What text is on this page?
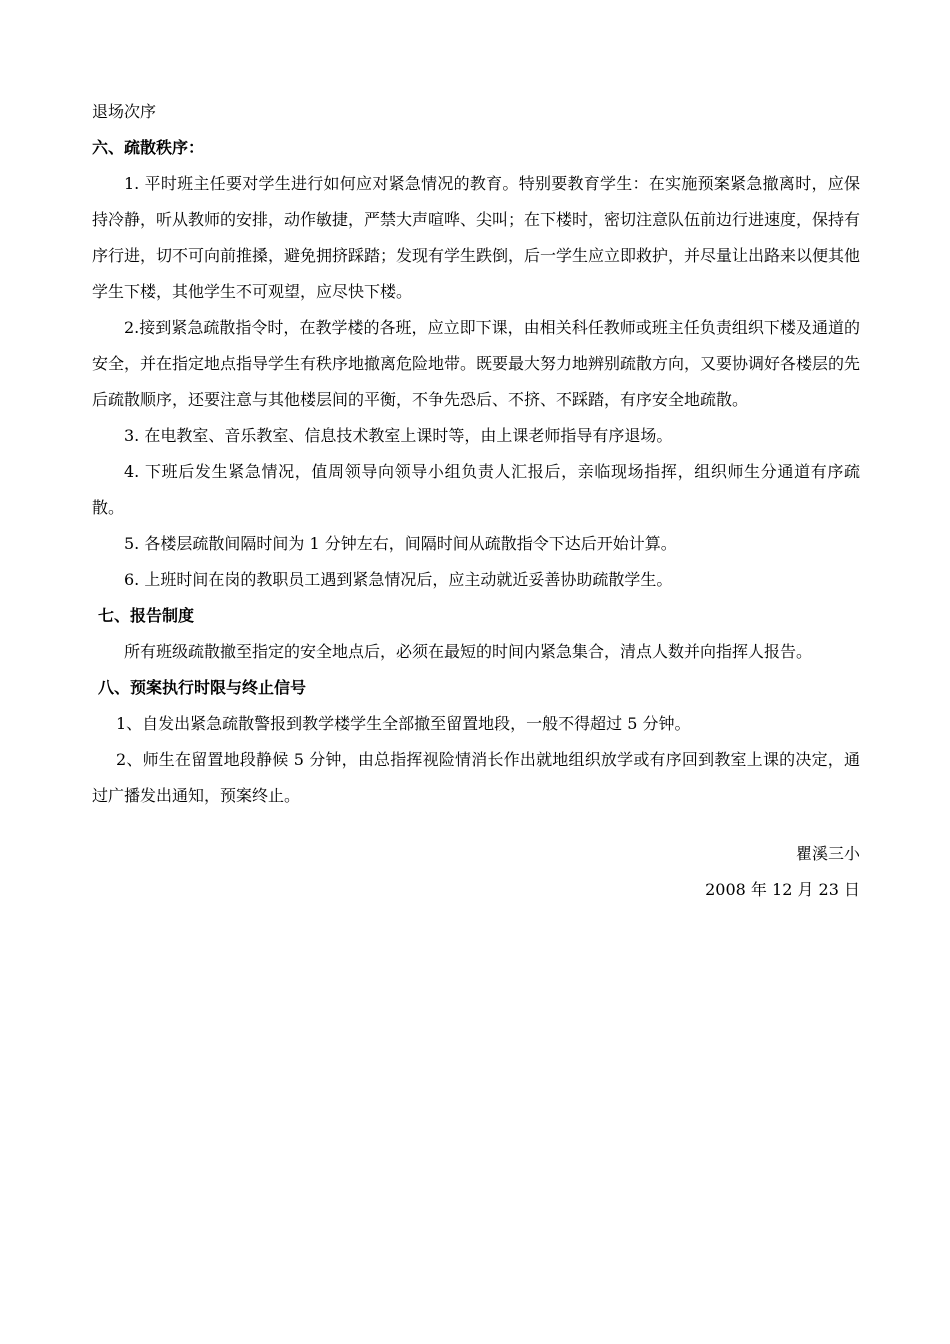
退场次序

六、疏散秩序：

1. 平时班主任要对学生进行如何应对紧急情况的教育。特别要教育学生：在实施预案紧急撤离时，应保持冷静，听从教师的安排，动作敏捷，严禁大声喧哗、尖叫；在下楼时，密切注意队伍前边行进速度，保持有序行进，切不可向前推搡，避免拥挤踩踏；发现有学生跌倒，后一学生应立即救护，并尽量让出路来以便其他学生下楼，其他学生不可观望，应尽快下楼。

2.接到紧急疏散指令时，在教学楼的各班，应立即下课，由相关科任教师或班主任负责组织下楼及通道的安全，并在指定地点指导学生有秩序地撤离危险地带。既要最大努力地辨别疏散方向，又要协调好各楼层的先后疏散顺序，还要注意与其他楼层间的平衡，不争先恐后、不挤、不踩踏，有序安全地疏散。

3. 在电教室、音乐教室、信息技术教室上课时等，由上课老师指导有序退场。

4. 下班后发生紧急情况，值周领导向领导小组负责人汇报后，亲临现场指挥，组织师生分通道有序疏散。

5. 各楼层疏散间隔时间为 1 分钟左右，间隔时间从疏散指令下达后开始计算。

6. 上班时间在岗的教职员工遇到紧急情况后，应主动就近妥善协助疏散学生。

七、报告制度

所有班级疏散撤至指定的安全地点后，必须在最短的时间内紧急集合，清点人数并向指挥人报告。

八、预案执行时限与终止信号

1、自发出紧急疏散警报到教学楼学生全部撤至留置地段，一般不得超过 5 分钟。

2、师生在留置地段静候 5 分钟，由总指挥视险情消长作出就地组织放学或有序回到教室上课的决定，通过广播发出通知，预案终止。

瞿溪三小

2008 年 12 月 23 日
